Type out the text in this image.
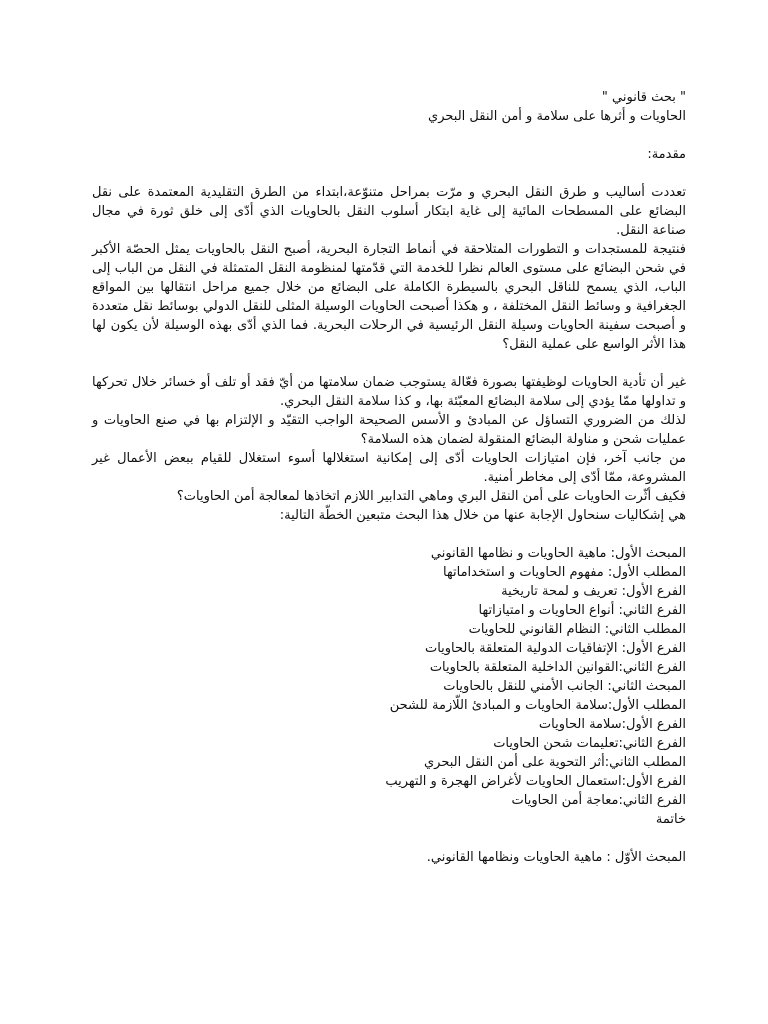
" بحث قانوني "
الحاويات و أثرها على سلامة و أمن النقل البحري
مقدمة:
تعددت أساليب و طرق النقل البحري و مرّت بمراحل متنوّعة،ابتداء من الطرق التقليدية المعتمدة على نقل البضائع على المسطحات المائية إلى غاية ابتكار أسلوب النقل بالحاويات الذي أدّى إلى خلق ثورة في مجال صناعة النقل.
فنتيجة للمستجدات و التطورات المتلاحقة في أنماط التجارة البحرية، أصبح النقل بالحاويات يمثل الحصّة الأكبر في شحن البضائع على مستوى العالم نظرا للخدمة التي قدّمتها لمنظومة النقل المتمثلة في النقل من الباب إلى الباب، الذي يسمح للناقل البحري بالسيطرة الكاملة على البضائع من خلال جميع مراحل انتقالها بين المواقع الجغرافية و وسائط النقل المختلفة ، و هكذا أصبحت الحاويات الوسيلة المثلى للنقل الدولي بوسائط نقل متعددة و أصبحت سفينة الحاويات وسيلة النقل الرئيسية في الرحلات البحرية. فما الذي أدّى بهذه الوسيلة لأن يكون لها هذا الأثر الواسع على عملية النقل؟
غير أن تأدية الحاويات لوظيفتها بصورة فعّالة يستوجب ضمان سلامتها من أيّ فقد أو تلف أو خسائر خلال تحركها و تداولها ممّا يؤدي إلى سلامة البضائع المعبّئة بها، و كذا سلامة النقل البحري.
لذلك من الضروري التساؤل عن المبادئ و الأسس الصحيحة الواجب التقيّد و الإلتزام بها في صنع الحاويات و عمليات شحن و مناولة البضائع المنقولة لضمان هذه السلامة؟
من جانب آخر، فإن امتيازات الحاويات أدّى إلى إمكانية استغلالها أسوء استغلال للقيام ببعض الأعمال غير المشروعة، ممّا أدّى إلى مخاطر أمنية.
فكيف أثّرت الحاويات على أمن النقل البري وماهي التدابير اللازم اتخاذها لمعالجة أمن الحاويات؟
هي إشكاليات سنحاول الإجابة عنها من خلال هذا البحث متبعين الخطّة التالية:
المبحث الأول: ماهية الحاويات و نظامها القانوني
المطلب الأول: مفهوم الحاويات و استخداماتها
الفرع الأول: تعريف و لمحة تاريخية
الفرع الثاني: أنواع الحاويات و امتيازاتها
المطلب الثاني: النظام القانوني للحاويات
الفرع الأول: الإتفاقيات الدولية المتعلقة بالحاويات
الفرع الثاني:القوانين الداخلية المتعلقة بالحاويات
المبحث الثاني: الجانب الأمني للنقل بالحاويات
المطلب الأول:سلامة الحاويات و المبادئ اللّازمة للشحن
الفرع الأول:سلامة الحاويات
الفرع الثاني:تعليمات شحن الحاويات
المطلب الثاني:أثر التحوية على أمن النقل البحري
الفرع الأول:استعمال الحاويات لأغراض الهجرة و التهريب
الفرع الثاني:معاجة أمن الحاويات
خاتمة
المبحث الأوّل : ماهية الحاويات ونظامها القانوني.
